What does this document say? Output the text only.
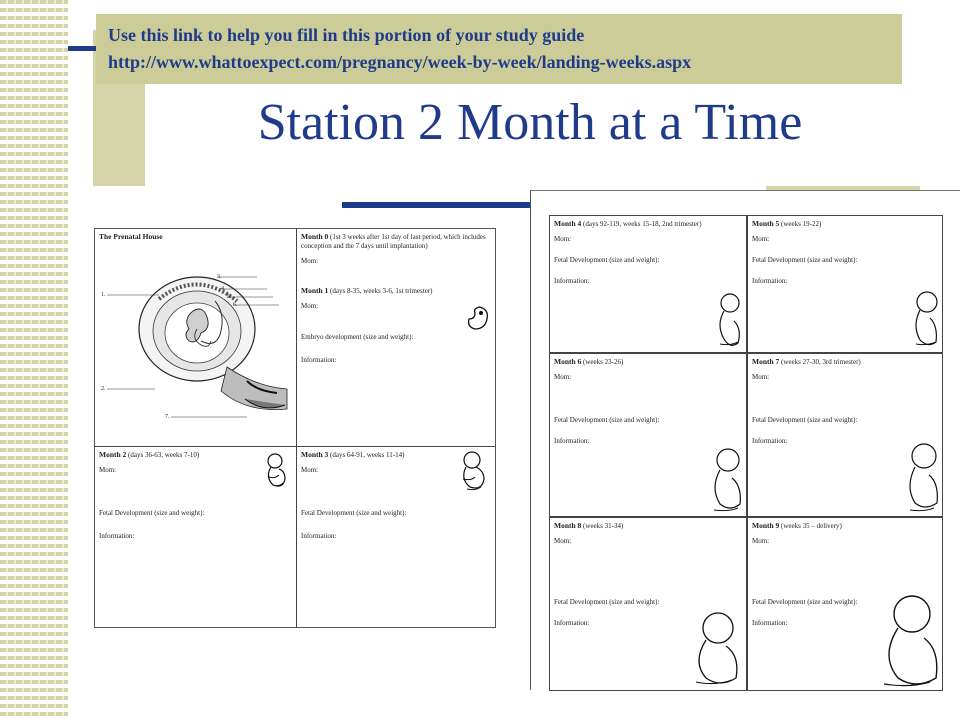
Use this link to help you fill in this portion of your study guide
http://www.whattoexpect.com/pregnancy/week-by-week/landing-weeks.aspx
Station 2 Month at a Time
The Prenatal House
1.
2.
3.
4.
5.
6.
7.
Month 0 (1st 3 weeks after 1st day of last period, which includes conception and the 7 days until implantation)
Mom:
Month 1 (days 8-35, weeks 3-6, 1st trimester)
Mom:
Embryo development (size and weight):
Information:
Month 2 (days 36-63, weeks 7-10)
Mom:
Fetal Development (size and weight):
Information:
Month 3 (days 64-91, weeks 11-14)
Mom:
Fetal Development (size and weight):
Information:
Month 4 (days 92-119, weeks 15-18, 2nd trimester)
Mom:
Fetal Development (size and weight):
Information:
Month 5 (weeks 19-22)
Mom:
Fetal Development (size and weight):
Information:
Month 6 (weeks 23-26)
Mom:
Fetal Development (size and weight):
Information:
Month 7 (weeks 27-30, 3rd trimester)
Mom:
Fetal Development (size and weight):
Information:
Month 8 (weeks 31-34)
Mom:
Fetal Development (size and weight):
Information:
Month 9 (weeks 35 – delivery)
Mom:
Fetal Development (size and weight):
Information:
